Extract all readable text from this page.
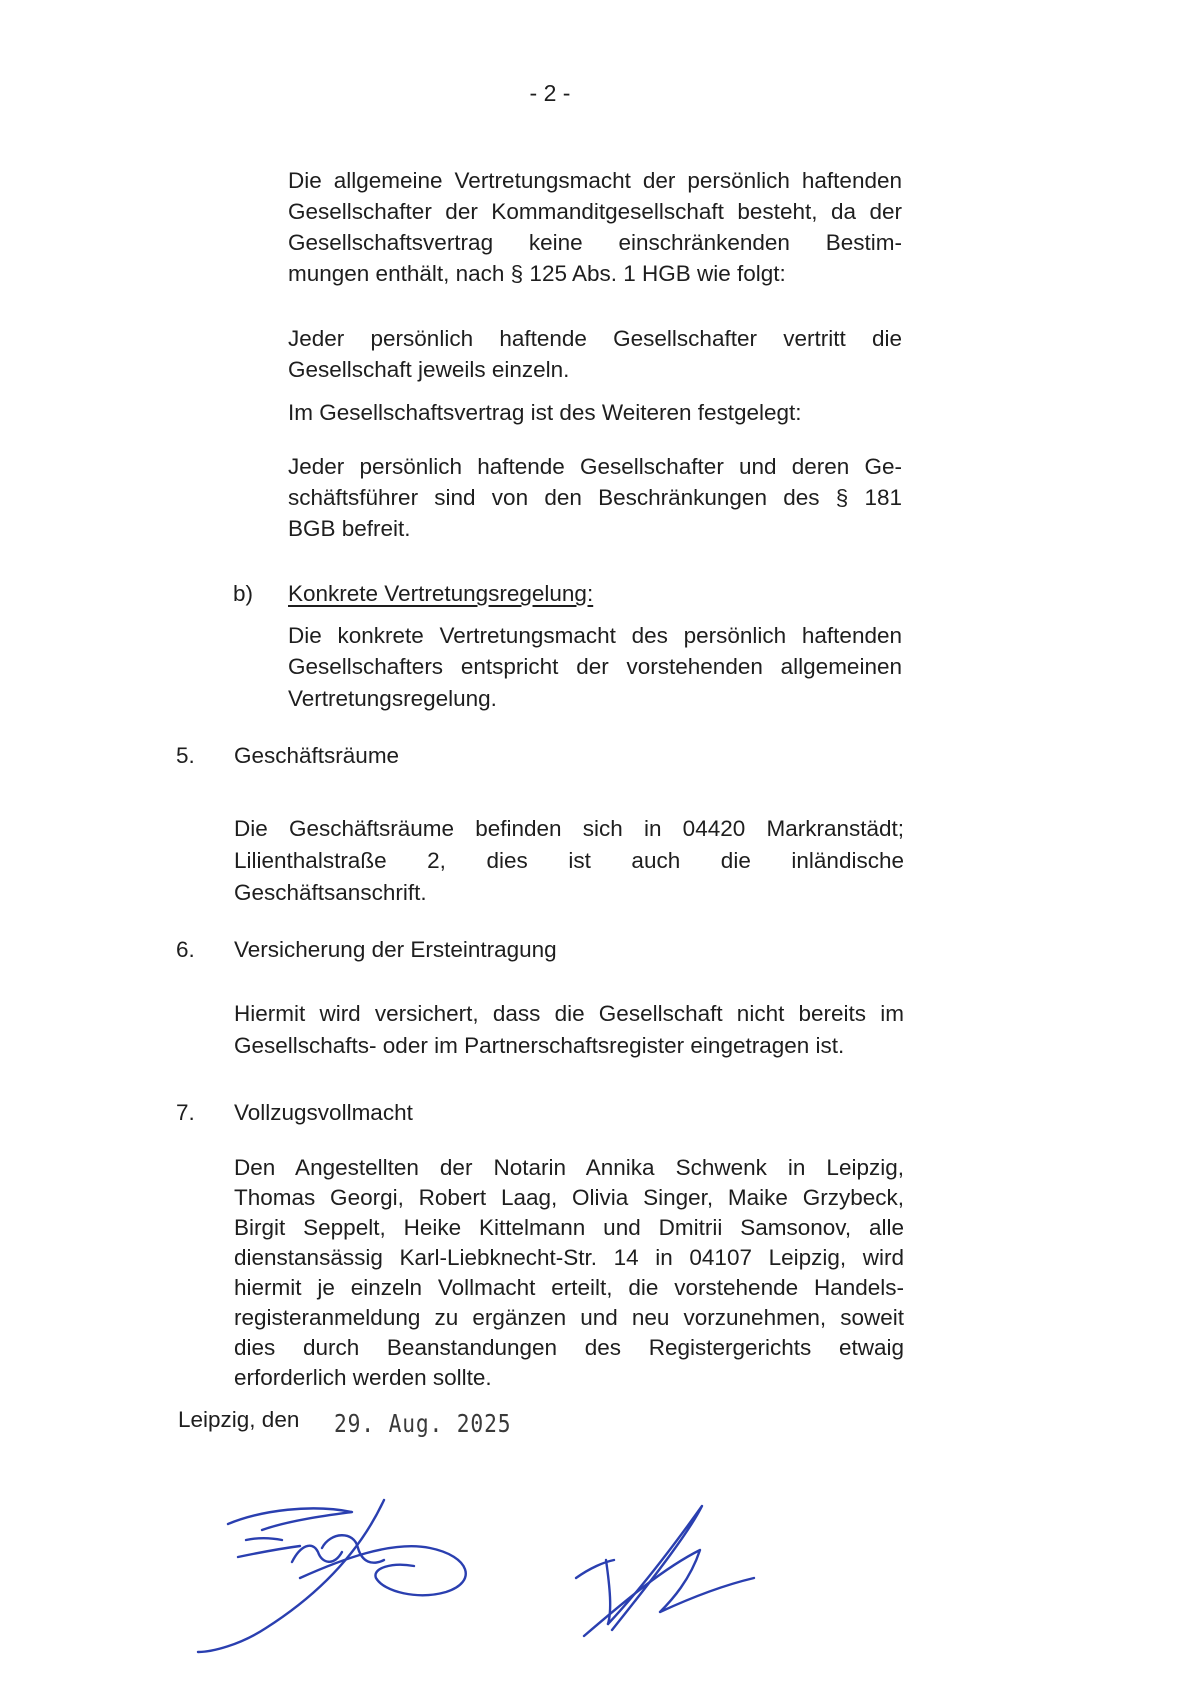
- 2 -

Die allgemeine Vertretungsmacht der persönlich haftenden

Gesellschafter der Kommanditgesellschaft besteht, da der

Gesellschaftsvertrag keine einschränkenden Bestim-

mungen enthält, nach § 125 Abs. 1 HGB wie folgt:

Jeder persönlich haftende Gesellschafter vertritt die

Gesellschaft jeweils einzeln.

Im Gesellschaftsvertrag ist des Weiteren festgelegt:

Jeder persönlich haftende Gesellschafter und deren Ge-

schäftsführer sind von den Beschränkungen des § 181

BGB befreit.

b) Konkrete Vertretungsregelung:

Die konkrete Vertretungsmacht des persönlich haftenden

Gesellschafters entspricht der vorstehenden allgemeinen

Vertretungsregelung.

5. Geschäftsräume

Die Geschäftsräume befinden sich in 04420 Markranstädt;

Lilienthalstraße 2, dies ist auch die inländische

Geschäftsanschrift.

6. Versicherung der Ersteintragung

Hiermit wird versichert, dass die Gesellschaft nicht bereits im

Gesellschafts- oder im Partnerschaftsregister eingetragen ist.

7. Vollzugsvollmacht

Den Angestellten der Notarin Annika Schwenk in Leipzig,

Thomas Georgi, Robert Laag, Olivia Singer, Maike Grzybeck,

Birgit Seppelt, Heike Kittelmann und Dmitrii Samsonov, alle

dienstansässig Karl-Liebknecht-Str. 14 in 04107 Leipzig, wird

hiermit je einzeln Vollmacht erteilt, die vorstehende Handels-

registeranmeldung zu ergänzen und neu vorzunehmen, soweit

dies durch Beanstandungen des Registergerichts etwaig

erforderlich werden sollte.

Leipzig, den 29. Aug. 2025
